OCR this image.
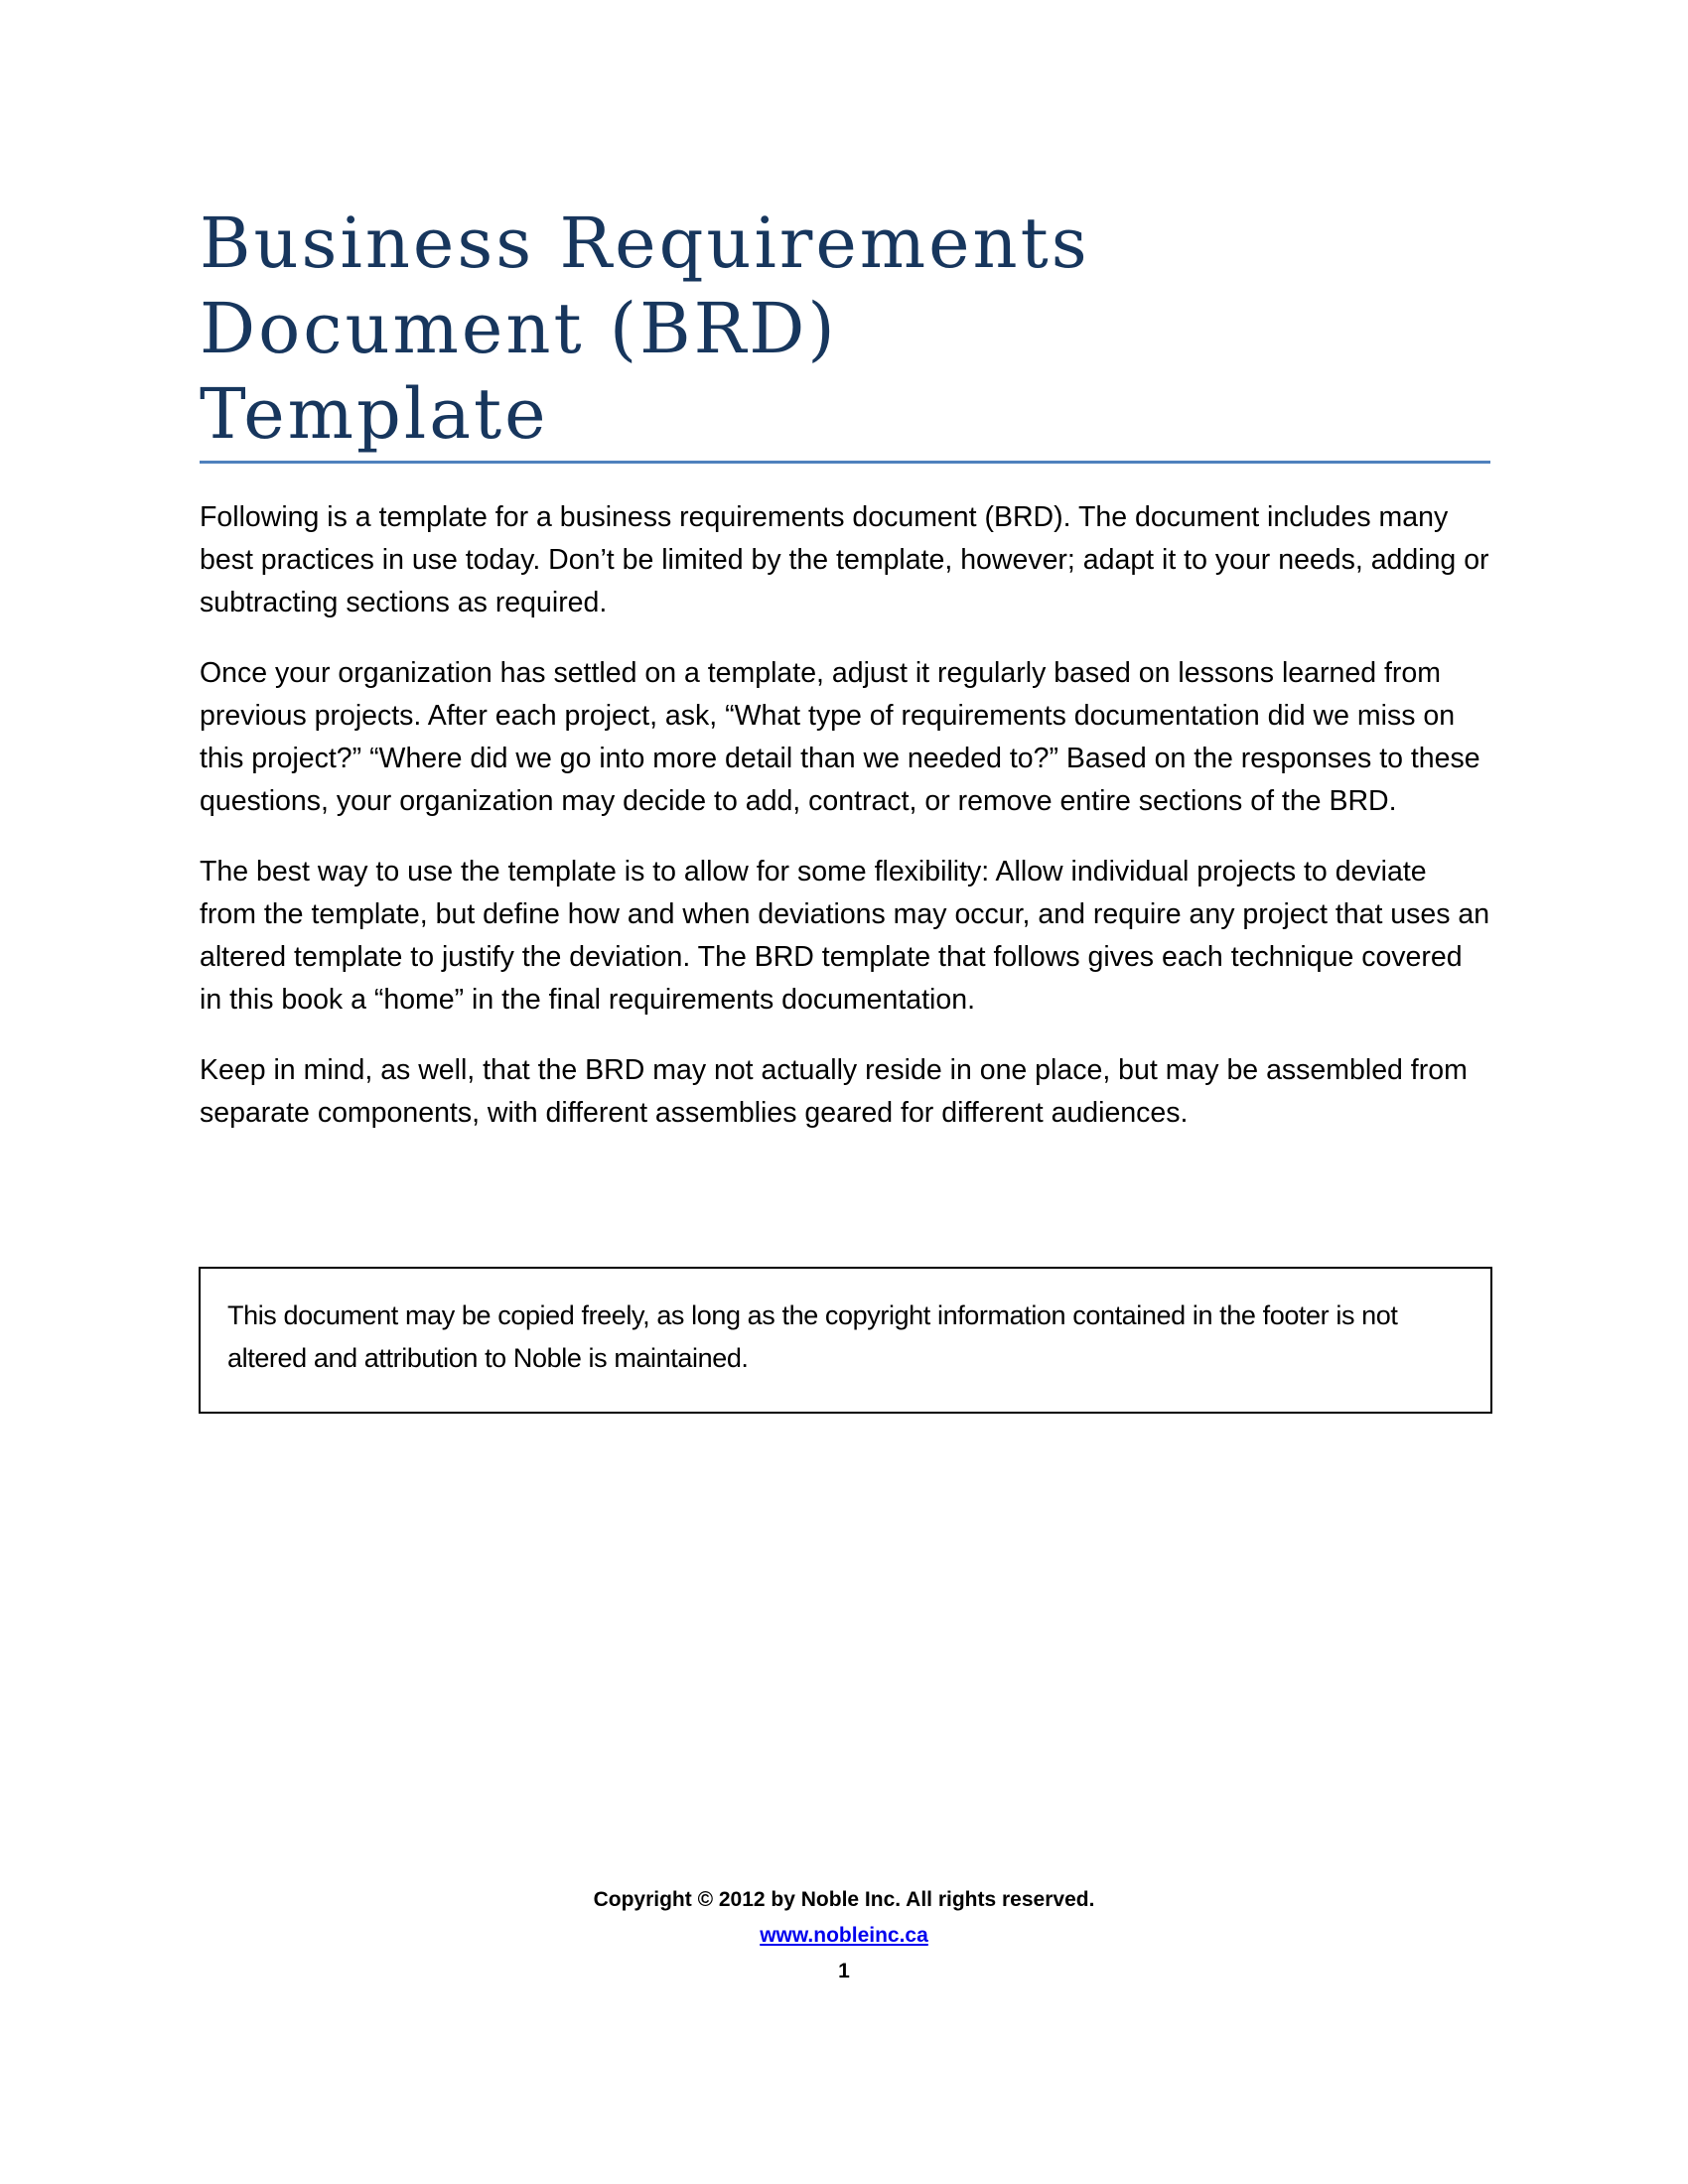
Business Requirements
Document (BRD)
Template

Following is a template for a business requirements document (BRD). The document includes many best practices in use today. Don’t be limited by the template, however; adapt it to your needs, adding or subtracting sections as required.

Once your organization has settled on a template, adjust it regularly based on lessons learned from previous projects. After each project, ask, “What type of requirements documentation did we miss on this project?” “Where did we go into more detail than we needed to?” Based on the responses to these questions, your organization may decide to add, contract, or remove entire sections of the BRD.

The best way to use the template is to allow for some flexibility: Allow individual projects to deviate from the template, but define how and when deviations may occur, and require any project that uses an altered template to justify the deviation. The BRD template that follows gives each technique covered in this book a “home” in the final requirements documentation.

Keep in mind, as well, that the BRD may not actually reside in one place, but may be assembled from separate components, with different assemblies geared for different audiences.

This document may be copied freely, as long as the copyright information contained in the footer is not altered and attribution to Noble is maintained.

Copyright © 2012 by Noble Inc. All rights reserved.
www.nobleinc.ca
1
